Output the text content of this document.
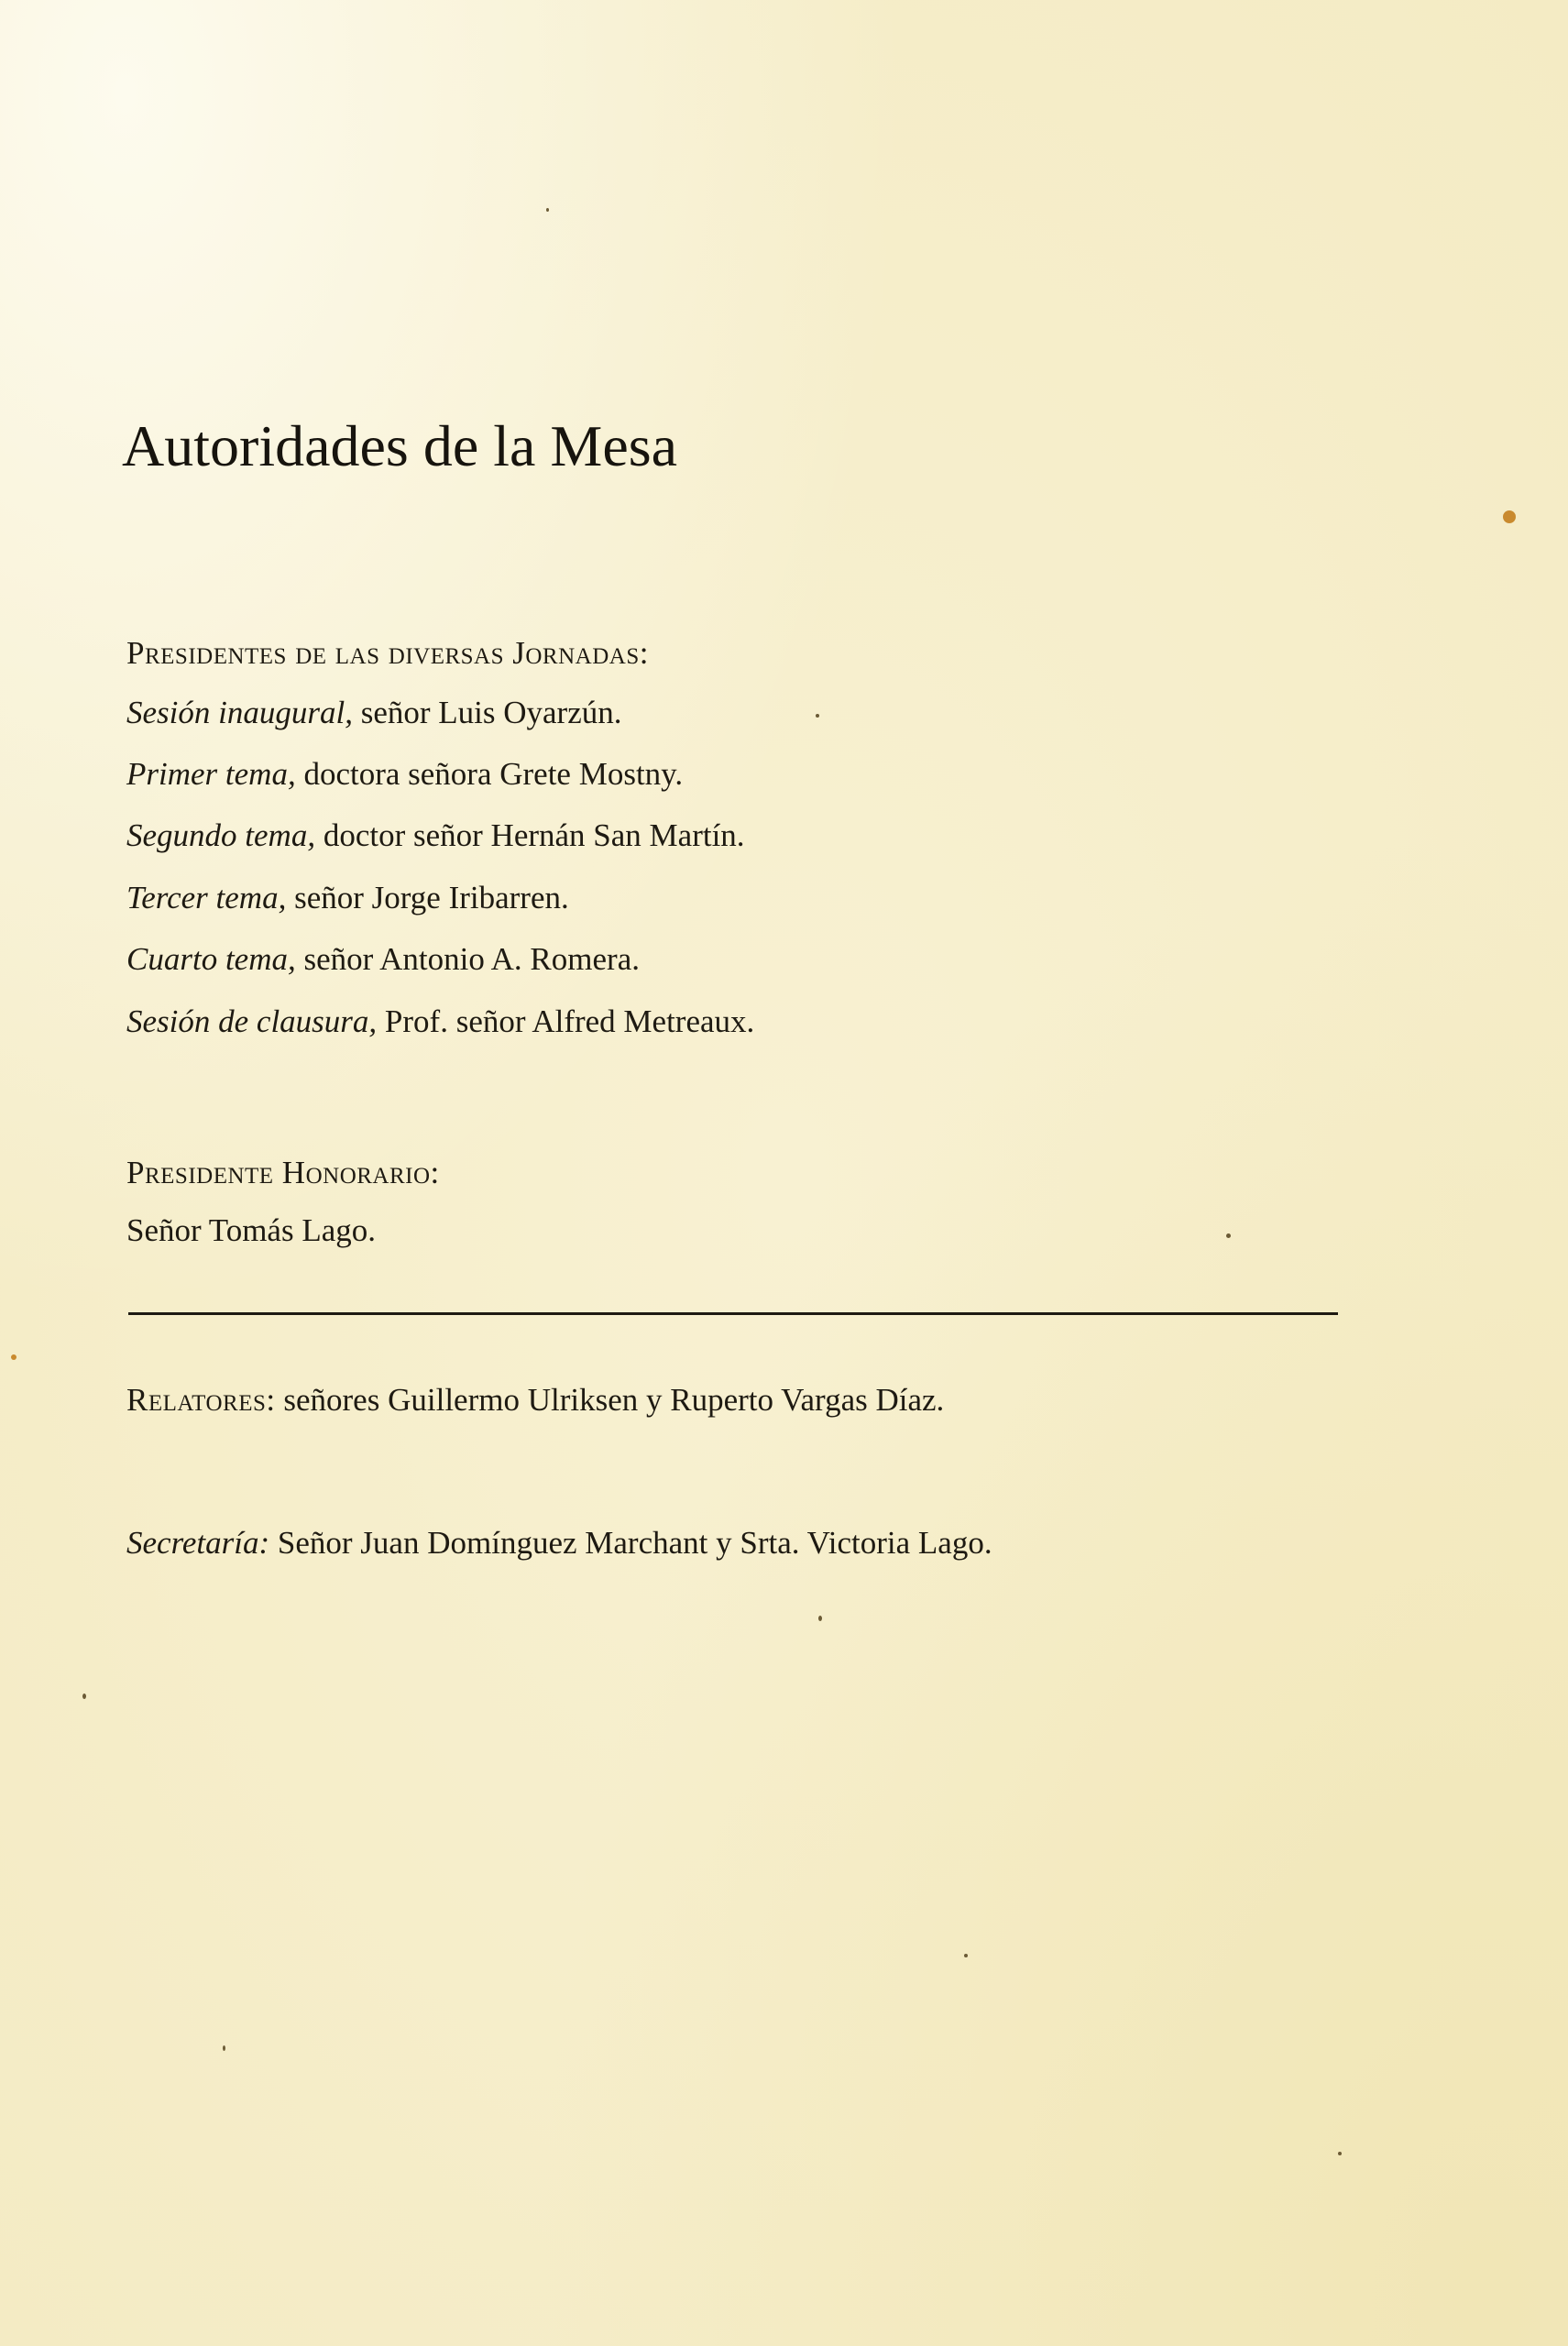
Autoridades de la Mesa
Presidentes de las diversas Jornadas:
Sesión inaugural, señor Luis Oyarzún.
Primer tema, doctora señora Grete Mostny.
Segundo tema, doctor señor Hernán San Martín.
Tercer tema, señor Jorge Iribarren.
Cuarto tema, señor Antonio A. Romera.
Sesión de clausura, Prof. señor Alfred Metreaux.
Presidente Honorario:
Señor Tomás Lago.
Relatores: señores Guillermo Ulriksen y Ruperto Vargas Díaz.
Secretaría: Señor Juan Domínguez Marchant y Srta. Victoria Lago.
